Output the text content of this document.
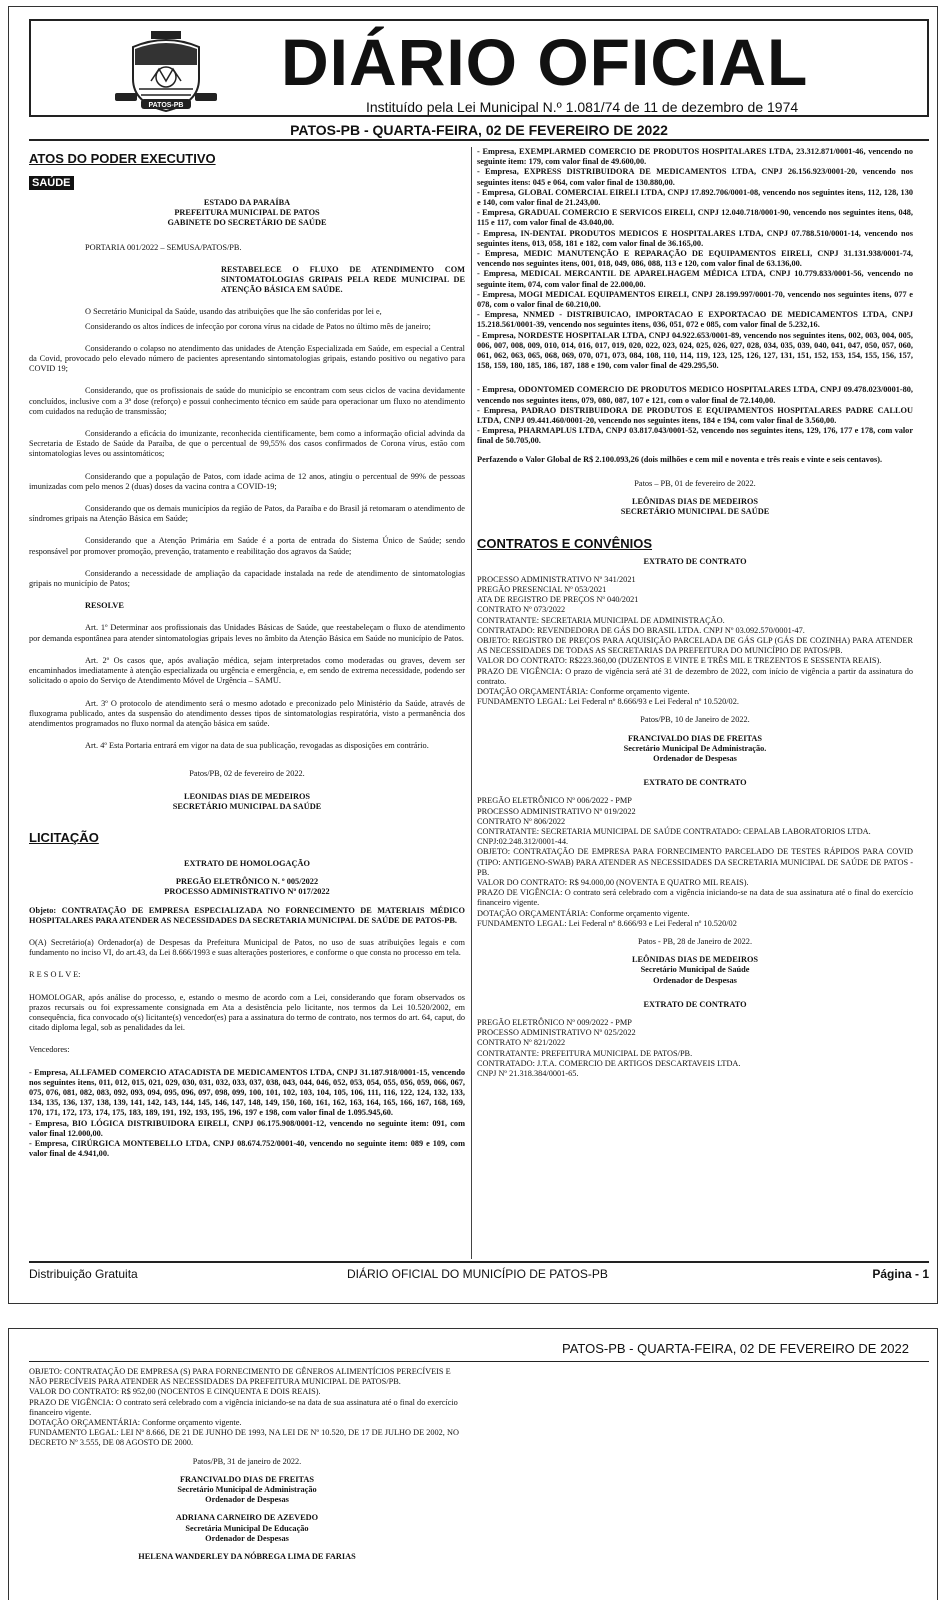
PATOS-PB
DIÁRIO OFICIAL
Instituído pela Lei Municipal N.º 1.081/74 de 11 de dezembro de 1974
PATOS-PB - QUARTA-FEIRA, 02 DE FEVEREIRO DE 2022
ATOS DO PODER EXECUTIVO
SAÚDE
ESTADO DA PARAÍBA
PREFEITURA MUNICIPAL DE PATOS
GABINETE DO SECRETÁRIO DE SAÚDE
PORTARIA 001/2022 – SEMUSA/PATOS/PB.
RESTABELECE O FLUXO DE ATENDIMENTO COM SINTOMATOLOGIAS GRIPAIS PELA REDE MUNICIPAL DE ATENÇÃO BÁSICA EM SAÚDE.
O Secretário Municipal da Saúde, usando das atribuições que lhe são conferidas por lei e,
Considerando os altos índices de infecção por corona vírus na cidade de Patos no último mês de janeiro;
Considerando o colapso no atendimento das unidades de Atenção Especializada em Saúde, em especial a Central da Covid, provocado pelo elevado número de pacientes apresentando sintomatologias gripais, estando positivo ou negativo para COVID 19;
Considerando, que os profissionais de saúde do município se encontram com seus ciclos de vacina devidamente concluídos, inclusive com a 3ª dose (reforço) e possui conhecimento técnico em saúde para operacionar um fluxo no atendimento com cuidados na redução de transmissão;
Considerando a eficácia do imunizante, reconhecida cientificamente, bem como a informação oficial advinda da Secretaria de Estado de Saúde da Paraíba, de que o percentual de 99,55% dos casos confirmados de Corona vírus, estão com sintomatologias leves ou assintomáticos;
Considerando que a população de Patos, com idade acima de 12 anos, atingiu o percentual de 99% de pessoas imunizadas com pelo menos 2 (duas) doses da vacina contra a COVID-19;
Considerando que os demais municípios da região de Patos, da Paraíba e do Brasil já retomaram o atendimento de síndromes gripais na Atenção Básica em Saúde;
Considerando que a Atenção Primária em Saúde é a porta de entrada do Sistema Único de Saúde; sendo responsável por promover promoção, prevenção, tratamento e reabilitação dos agravos da Saúde;
Considerando a necessidade de ampliação da capacidade instalada na rede de atendimento de sintomatologias gripais no município de Patos;
RESOLVE
Art. 1º Determinar aos profissionais das Unidades Básicas de Saúde, que reestabeleçam o fluxo de atendimento por demanda espontânea para atender sintomatologias gripais leves no âmbito da Atenção Básica em Saúde no município de Patos.
Art. 2º Os casos que, após avaliação médica, sejam interpretados como moderadas ou graves, devem ser encaminhados imediatamente à atenção especializada ou urgência e emergência, e, em sendo de extrema necessidade, podendo ser solicitado o apoio do Serviço de Atendimento Móvel de Urgência – SAMU.
Art. 3º O protocolo de atendimento será o mesmo adotado e preconizado pelo Ministério da Saúde, através de fluxograma publicado, antes da suspensão do atendimento desses tipos de sintomatologias respiratória, visto a permanência dos atendimentos programados no fluxo normal da atenção básica em saúde.
Art. 4º Esta Portaria entrará em vigor na data de sua publicação, revogadas as disposições em contrário.
Patos/PB, 02 de fevereiro de 2022.
LEONIDAS DIAS DE MEDEIROS
SECRETÁRIO MUNICIPAL DA SAÚDE
LICITAÇÃO
EXTRATO DE HOMOLOGAÇÃO
PREGÃO ELETRÔNICO N. º 005/2022
PROCESSO ADMINISTRATIVO Nº 017/2022
Objeto: CONTRATAÇÃO DE EMPRESA ESPECIALIZADA NO FORNECIMENTO DE MATERIAIS MÉDICO HOSPITALARES PARA ATENDER AS NECESSIDADES DA SECRETARIA MUNICIPAL DE SAÚDE DE PATOS-PB.
O(A) Secretário(a) Ordenador(a) de Despesas da Prefeitura Municipal de Patos, no uso de suas atribuições legais e com fundamento no inciso VI, do art.43, da Lei 8.666/1993 e suas alterações posteriores, e conforme o que consta no processo em tela.
R E S O L V E:
HOMOLOGAR, após análise do processo, e, estando o mesmo de acordo com a Lei, considerando que foram observados os prazos recursais ou foi expressamente consignada em Ata a desistência pelo licitante, nos termos da Lei 10.520/2002, em consequência, fica convocado o(s) licitante(s) vencedor(es) para a assinatura do termo de contrato, nos termos do art. 64, caput, do citado diploma legal, sob as penalidades da lei.
Vencedores:
- Empresa, ALLFAMED COMERCIO ATACADISTA DE MEDICAMENTOS LTDA, CNPJ 31.187.918/0001-15, vencendo nos seguintes itens, 011, 012, 015, 021, 029, 030, 031, 032, 033, 037, 038, 043, 044, 046, 052, 053, 054, 055, 056, 059, 066, 067, 075, 076, 081, 082, 083, 092, 093, 094, 095, 096, 097, 098, 099, 100, 101, 102, 103, 104, 105, 106, 111, 116, 122, 124, 132, 133, 134, 135, 136, 137, 138, 139, 141, 142, 143, 144, 145, 146, 147, 148, 149, 150, 160, 161, 162, 163, 164, 165, 166, 167, 168, 169, 170, 171, 172, 173, 174, 175, 183, 189, 191, 192, 193, 195, 196, 197 e 198, com valor final de 1.095.945,60.
- Empresa, BIO LÓGICA DISTRIBUIDORA EIRELI, CNPJ 06.175.908/0001-12, vencendo no seguinte item: 091, com valor final 12.000,00.
- Empresa, CIRÚRGICA MONTEBELLO LTDA, CNPJ 08.674.752/0001-40, vencendo no seguinte item: 089 e 109, com valor final de 4.941,00.
- Empresa, EXEMPLARMED COMERCIO DE PRODUTOS HOSPITALARES LTDA, 23.312.871/0001-46, vencendo no seguinte item: 179, com valor final de 49.600,00.
- Empresa, EXPRESS DISTRIBUIDORA DE MEDICAMENTOS LTDA, CNPJ 26.156.923/0001-20, vencendo nos seguintes itens: 045 e 064, com valor final de 130.880,00.
- Empresa, GLOBAL COMERCIAL EIRELI LTDA, CNPJ 17.892.706/0001-08, vencendo nos seguintes itens, 112, 128, 130 e 140, com valor final de 21.243,00.
- Empresa, GRADUAL COMERCIO E SERVICOS EIRELI, CNPJ 12.040.718/0001-90, vencendo nos seguintes itens, 048, 115 e 117, com valor final de 43.040,00.
- Empresa, IN-DENTAL PRODUTOS MEDICOS E HOSPITALARES LTDA, CNPJ 07.788.510/0001-14, vencendo nos seguintes itens, 013, 058, 181 e 182, com valor final de 36.165,00.
- Empresa, MEDIC MANUTENÇÃO E REPARAÇÃO DE EQUIPAMENTOS EIRELI, CNPJ 31.131.938/0001-74, vencendo nos seguintes itens, 001, 018, 049, 086, 088, 113 e 120, com valor final de 63.136,00.
- Empresa, MEDICAL MERCANTIL DE APARELHAGEM MÉDICA LTDA, CNPJ 10.779.833/0001-56, vencendo no seguinte item, 074, com valor final de 22.000,00.
- Empresa, MOGI MEDICAL EQUIPAMENTOS EIRELI, CNPJ 28.199.997/0001-70, vencendo nos seguintes itens, 077 e 078, com o valor final de 60.210,00.
- Empresa, NNMED - DISTRIBUICAO, IMPORTACAO E EXPORTACAO DE MEDICAMENTOS LTDA, CNPJ 15.218.561/0001-39, vencendo nos seguintes itens, 036, 051, 072 e 085, com valor final de 5.232,16.
- Empresa, NORDESTE HOSPITALAR LTDA, CNPJ 04.922.653/0001-89, vencendo nos seguintes itens, 002, 003, 004, 005, 006, 007, 008, 009, 010, 014, 016, 017, 019, 020, 022, 023, 024, 025, 026, 027, 028, 034, 035, 039, 040, 041, 047, 050, 057, 060, 061, 062, 063, 065, 068, 069, 070, 071, 073, 084, 108, 110, 114, 119, 123, 125, 126, 127, 131, 151, 152, 153, 154, 155, 156, 157, 158, 159, 180, 185, 186, 187, 188 e 190, com valor final de 429.295,50.
- Empresa, ODONTOMED COMERCIO DE PRODUTOS MEDICO HOSPITALARES LTDA, CNPJ 09.478.023/0001-80, vencendo nos seguintes itens, 079, 080, 087, 107 e 121, com o valor final de 72.140,00.
- Empresa, PADRAO DISTRIBUIDORA DE PRODUTOS E EQUIPAMENTOS HOSPITALARES PADRE CALLOU LTDA, CNPJ 09.441.460/0001-20, vencendo nos seguintes itens, 184 e 194, com valor final de 3.560,00.
- Empresa, PHARMAPLUS LTDA, CNPJ 03.817.043/0001-52, vencendo nos seguintes itens, 129, 176, 177 e 178, com valor final de 50.705,00.
Perfazendo o Valor Global de R$ 2.100.093,26 (dois milhões e cem mil e noventa e três reais e vinte e seis centavos).
Patos – PB, 01 de fevereiro de 2022.
LEÔNIDAS DIAS DE MEDEIROS
SECRETÁRIO MUNICIPAL DE SAÚDE
CONTRATOS E CONVÊNIOS
EXTRATO DE CONTRATO
PROCESSO ADMINISTRATIVO Nº 341/2021
PREGÃO PRESENCIAL Nº 053/2021
ATA DE REGISTRO DE PREÇOS Nº 040/2021
CONTRATO Nº 073/2022
CONTRATANTE: SECRETARIA MUNICIPAL DE ADMINISTRAÇÃO.
CONTRATADO: REVENDEDORA DE GÁS DO BRASIL LTDA. CNPJ Nº 03.092.570/0001-47.
OBJETO: REGISTRO DE PREÇOS PARA AQUISIÇÃO PARCELADA DE GÁS GLP (GÁS DE COZINHA) PARA ATENDER AS NECESSIDADES DE TODAS AS SECRETARIAS DA PREFEITURA DO MUNICÍPIO DE PATOS/PB.
VALOR DO CONTRATO: R$223.360,00 (DUZENTOS E VINTE E TRÊS MIL E TREZENTOS E SESSENTA REAIS).
PRAZO DE VIGÊNCIA: O prazo de vigência será até 31 de dezembro de 2022, com início de vigência a partir da assinatura do contrato.
DOTAÇÃO ORÇAMENTÁRIA: Conforme orçamento vigente.
FUNDAMENTO LEGAL: Lei Federal nº 8.666/93 e Lei Federal nº 10.520/02.
Patos/PB, 10 de Janeiro de 2022.
FRANCIVALDO DIAS DE FREITAS
Secretário Municipal De Administração.
Ordenador de Despesas
EXTRATO DE CONTRATO
PREGÃO ELETRÔNICO Nº 006/2022 - PMP
PROCESSO ADMINISTRATIVO Nº 019/2022
CONTRATO Nº 806/2022
CONTRATANTE: SECRETARIA MUNICIPAL DE SAÚDE CONTRATADO: CEPALAB LABORATORIOS LTDA.
CNPJ:02.248.312/0001-44.
OBJETO: CONTRATAÇÃO DE EMPRESA PARA FORNECIMENTO PARCELADO DE TESTES RÁPIDOS PARA COVID (TIPO: ANTIGENO-SWAB) PARA ATENDER AS NECESSIDADES DA SECRETARIA MUNICIPAL DE SAÚDE DE PATOS - PB.
VALOR DO CONTRATO: R$ 94.000,00 (NOVENTA E QUATRO MIL REAIS).
PRAZO DE VIGÊNCIA: O contrato será celebrado com a vigência iniciando-se na data de sua assinatura até o final do exercício financeiro vigente.
DOTAÇÃO ORÇAMENTÁRIA: Conforme orçamento vigente.
FUNDAMENTO LEGAL: Lei Federal nº 8.666/93 e Lei Federal nº 10.520/02
Patos - PB, 28 de Janeiro de 2022.
LEÔNIDAS DIAS DE MEDEIROS
Secretário Municipal de Saúde
Ordenador de Despesas
EXTRATO DE CONTRATO
PREGÃO ELETRÔNICO Nº 009/2022 - PMP
PROCESSO ADMINISTRATIVO Nº 025/2022
CONTRATO Nº 821/2022
CONTRATANTE: PREFEITURA MUNICIPAL DE PATOS/PB.
CONTRATADO: J.T.A. COMERCIO DE ARTIGOS DESCARTAVEIS LTDA.
CNPJ Nº 21.318.384/0001-65.
Distribuição Gratuita	DIÁRIO OFICIAL DO MUNICÍPIO DE PATOS-PB	Página - 1
PATOS-PB - QUARTA-FEIRA, 02 DE FEVEREIRO DE 2022
OBJETO: CONTRATAÇÃO DE EMPRESA (S) PARA FORNECIMENTO DE GÊNEROS ALIMENTÍCIOS PERECÍVEIS E NÃO PERECÍVEIS PARA ATENDER AS NECESSIDADES DA PREFEITURA MUNICIPAL DE PATOS/PB.
VALOR DO CONTRATO: R$ 952,00 (NOCENTOS E CINQUENTA E DOIS REAIS).
PRAZO DE VIGÊNCIA: O contrato será celebrado com a vigência iniciando-se na data de sua assinatura até o final do exercício financeiro vigente.
DOTAÇÃO ORÇAMENTÁRIA: Conforme orçamento vigente.
FUNDAMENTO LEGAL: LEI Nº 8.666, DE 21 DE JUNHO DE 1993, NA LEI DE Nº 10.520, DE 17 DE JULHO DE 2002, NO DECRETO Nº 3.555, DE 08 AGOSTO DE 2000.
Patos/PB, 31 de janeiro de 2022.
FRANCIVALDO DIAS DE FREITAS
Secretário Municipal de Administração
Ordenador de Despesas
ADRIANA CARNEIRO DE AZEVEDO
Secretária Municipal De Educação
Ordenador de Despesas
HELENA WANDERLEY DA NÓBREGA LIMA DE FARIAS
